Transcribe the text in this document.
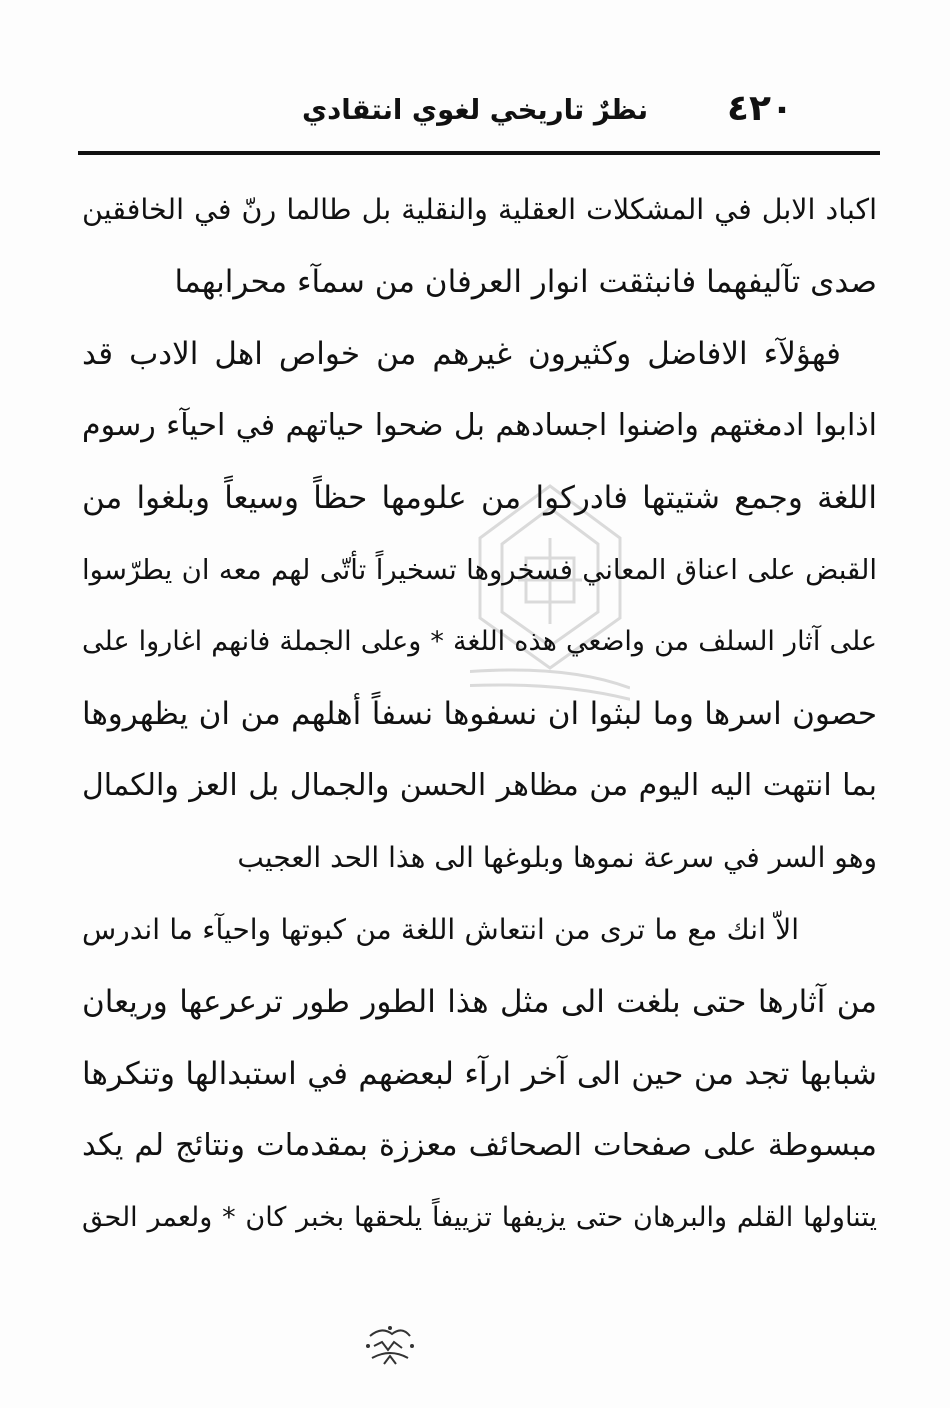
٤٢٠
نظرٌ تاريخي لغوي انتقادي
اكباد الابل في المشكلات العقلية والنقلية بل طالما رنّ في الخافقين
صدى تآليفهما فانبثقت انوار العرفان من سمآء محرابهما
فهؤلآء الافاضل وكثيرون غيرهم من خواص اهل الادب قد
اذابوا ادمغتهم واضنوا اجسادهم بل ضحوا حياتهم في احيآء رسوم
اللغة وجمع شتيتها فادركوا من علومها حظاً وسيعاً وبلغوا من
القبض على اعناق المعاني فسخروها تسخيراً تأتّى لهم معه ان يطرّسوا
على آثار السلف من واضعي هذه اللغة * وعلى الجملة فانهم اغاروا على
حصون اسرها وما لبثوا ان نسفوها نسفاً أهلهم من ان يظهروها
بما انتهت اليه اليوم من مظاهر الحسن والجمال بل العز والكمال
وهو السر في سرعة نموها وبلوغها الى هذا الحد العجيب
الاّ انك مع ما ترى من انتعاش اللغة من كبوتها واحيآء ما اندرس
من آثارها حتى بلغت الى مثل هذا الطور طور ترعرعها وريعان
شبابها تجد من حين الى آخر ارآء لبعضهم في استبدالها وتنكرها
مبسوطة على صفحات الصحائف معززة بمقدمات ونتائج لم يكد
يتناولها القلم والبرهان حتى يزيفها تزييفاً يلحقها بخبر كان * ولعمر الحق
